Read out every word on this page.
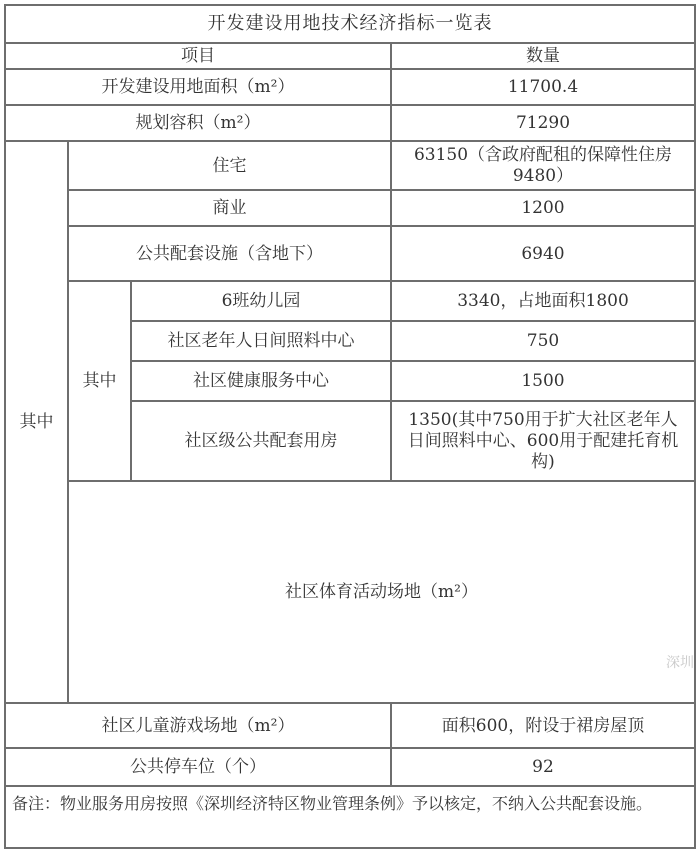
开发建设用地技术经济指标一览表				
项目			数量	
开发建设用地面积（m²）			11700.4	
规划容积（m²）			71290	
其中	住宅		63150（含政府配租的保障性住房9480）	
	商业		1200	
	公共配套设施（含地下）		6940	
	其中	6班幼儿园	3340，占地面积1800	
		社区老年人日间照料中心	750	
		社区健康服务中心	1500	
		社区级公共配套用房	1350(其中750用于扩大社区老年人日间照料中心、600用于配建托育机构)	
	社区体育活动场地（m²）	
社区儿童游戏场地（m²）			面积600，附设于裙房屋顶	
公共停车位（个）			92	
备注：物业服务用房按照《深圳经济特区物业管理条例》予以核定，不纳入公共配套设施。				
深圳
